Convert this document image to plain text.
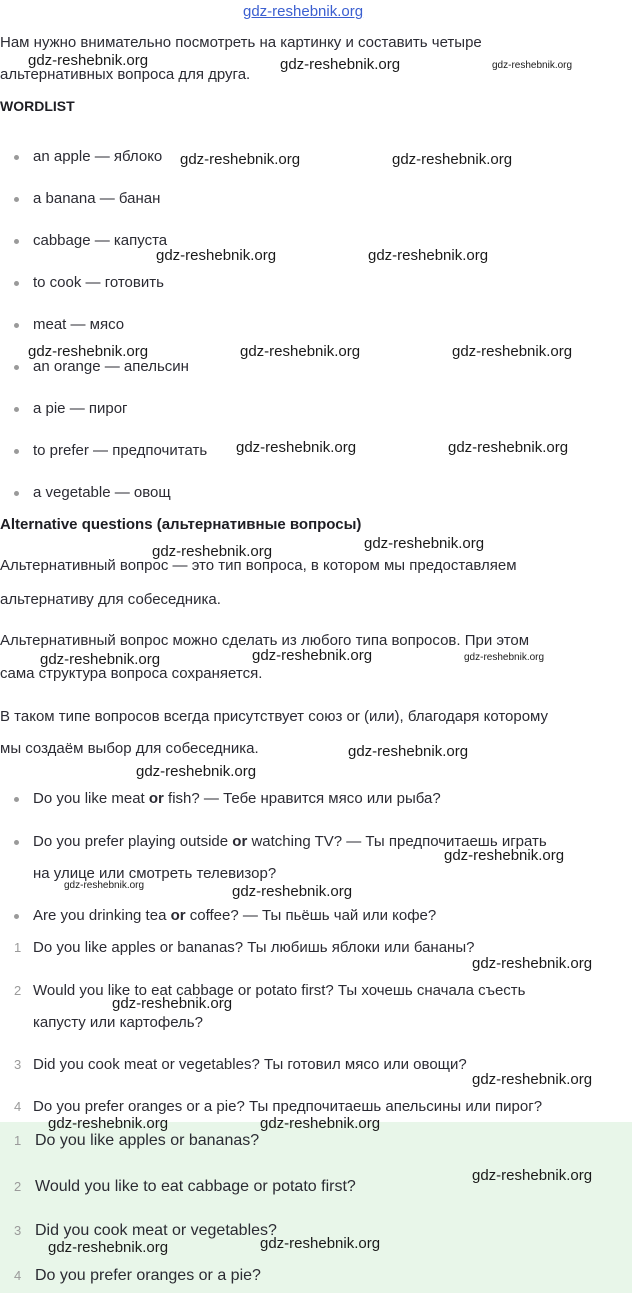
gdz-reshebnik.org
Нам нужно внимательно посмотреть на картинку и составить четыре
альтернативных вопроса для друга.
WORDLIST
an apple — яблоко
a banana — банан
cabbage — капуста
to cook — готовить
meat — мясо
an orange — апельсин
a pie — пирог
to prefer — предпочитать
a vegetable — овощ
Alternative questions (альтернативные вопросы)
Альтернативный вопрос — это тип вопроса, в котором мы предоставляем
альтернативу для собеседника.
Альтернативный вопрос можно сделать из любого типа вопросов. При этом
сама структура вопроса сохраняется.
В таком типе вопросов всегда присутствует союз or (или), благодаря которому
мы создаём выбор для собеседника.
Do you like meat or fish? — Тебе нравится мясо или рыба?
Do you prefer playing outside or watching TV? — Ты предпочитаешь играть
на улице или смотреть телевизор?
Are you drinking tea or coffee? — Ты пьёшь чай или кофе?
1 Do you like apples or bananas? Ты любишь яблоки или бананы?
2 Would you like to eat cabbage or potato first? Ты хочешь сначала съесть
капусту или картофель?
3 Did you cook meat or vegetables? Ты готовил мясо или овощи?
4 Do you prefer oranges or a pie? Ты предпочитаешь апельсины или пирог?
1 Do you like apples or bananas?
2 Would you like to eat cabbage or potato first?
3 Did you cook meat or vegetables?
4 Do you prefer oranges or a pie?
gdz-reshebnik.org	gdz-reshebnik.org	gdz-reshebnik.org
gdz-reshebnik.org	gdz-reshebnik.org
gdz-reshebnik.org	gdz-reshebnik.org
gdz-reshebnik.org	gdz-reshebnik.org	gdz-reshebnik.org
gdz-reshebnik.org	gdz-reshebnik.org
gdz-reshebnik.org	gdz-reshebnik.org
gdz-reshebnik.org	gdz-reshebnik.org	gdz-reshebnik.org
gdz-reshebnik.org
gdz-reshebnik.org
gdz-reshebnik.org
gdz-reshebnik.org	gdz-reshebnik.org
gdz-reshebnik.org
gdz-reshebnik.org
gdz-reshebnik.org
gdz-reshebnik.org	gdz-reshebnik.org
gdz-reshebnik.org
gdz-reshebnik.org	gdz-reshebnik.org
